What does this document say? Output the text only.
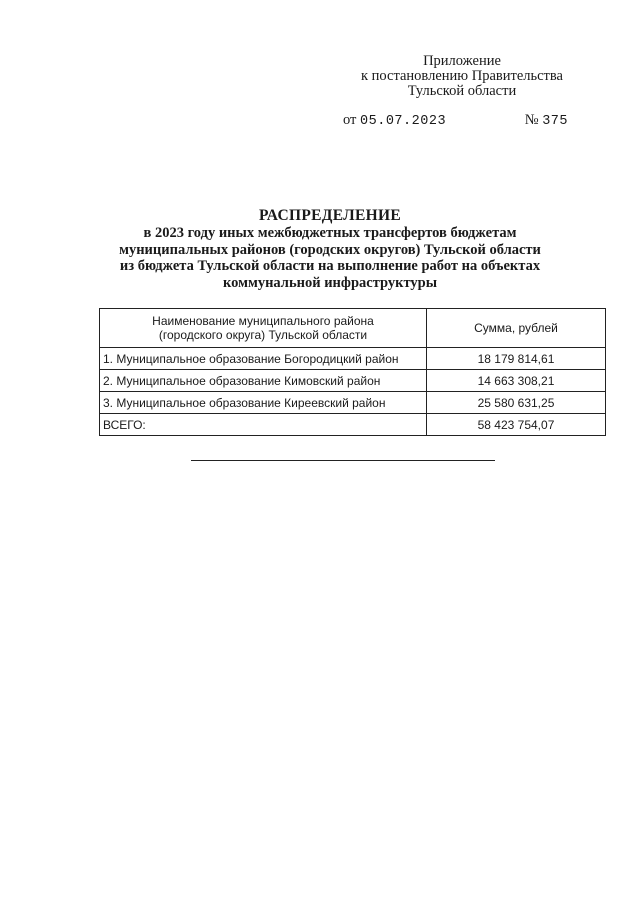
Приложение
к постановлению Правительства
Тульской области
от 05.07.2023	№ 375
РАСПРЕДЕЛЕНИЕ
в 2023 году иных межбюджетных трансфертов бюджетам
муниципальных районов (городских округов) Тульской области
из бюджета Тульской области на выполнение работ на объектах
коммунальной инфраструктуры
Наименование муниципального района
(городского округа) Тульской области	Сумма, рублей
1. Муниципальное образование Богородицкий район	18 179 814,61
2. Муниципальное образование Кимовский район	14 663 308,21
3. Муниципальное образование Киреевский район	25 580 631,25
ВСЕГО:	58 423 754,07
